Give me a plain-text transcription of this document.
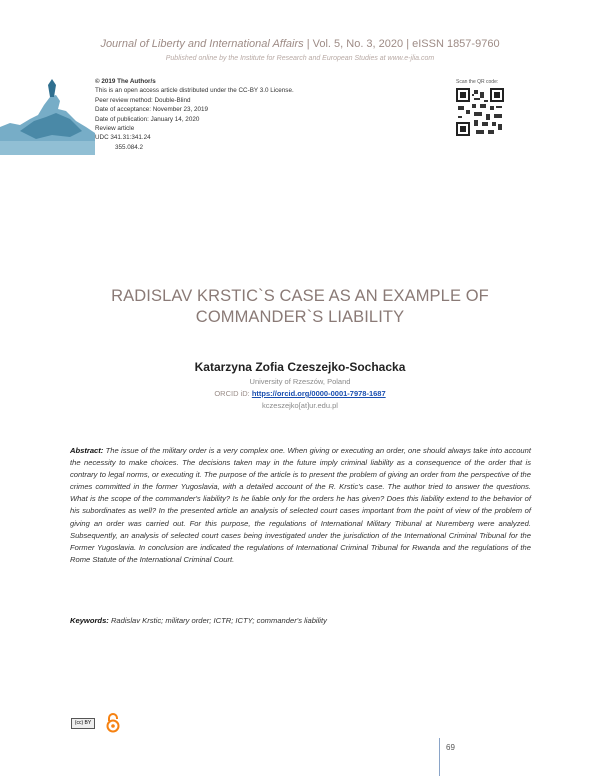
Journal of Liberty and International Affairs | Vol. 5, No. 3, 2020 | eISSN 1857-9760
Published online by the Institute for Research and European Studies at www.e-jlia.com
© 2019 The Author/s
This is an open access article distributed under the CC-BY 3.0 License.
Peer review method: Double-Blind
Date of acceptance: November 23, 2019
Date of publication: January 14, 2020
Review article
UDC 341.31:341.24
355.084.2
Scan the QR code:
RADISLAV KRSTIC`S CASE AS AN EXAMPLE OF
COMMANDER`S LIABILITY
Katarzyna Zofia Czeszejko-Sochacka
University of Rzeszów, Poland
ORCID iD: https://orcid.org/0000-0001-7978-1687
kczeszejko[at]ur.edu.pl
Abstract: The issue of the military order is a very complex one. When giving or executing an order, one should always take into account the necessity to make choices. The decisions taken may in the future imply criminal liability as a consequence of the order that is contrary to legal norms, or executing it. The purpose of the article is to present the problem of giving an order from the perspective of the crimes committed in the former Yugoslavia, with a detailed account of the R. Krstic's case. The author tried to answer the questions. What is the scope of the commander's liability? Is he liable only for the orders he has given? Does this liability extend to the behavior of his subordinates as well? In the presented article an analysis of selected court cases important from the point of view of the problem of giving an order was carried out. For this purpose, the regulations of International Military Tribunal at Nuremberg were analyzed. Subsequently, an analysis of selected court cases being investigated under the jurisdiction of the International Criminal Tribunal for the Former Yugoslavia. In conclusion are indicated the regulations of International Criminal Tribunal for Rwanda and the regulations of the Rome Statute of the International Criminal Court.
Keywords: Radislav Krstic; military order; ICTR; ICTY; commander's liability
(cc) BY
69
